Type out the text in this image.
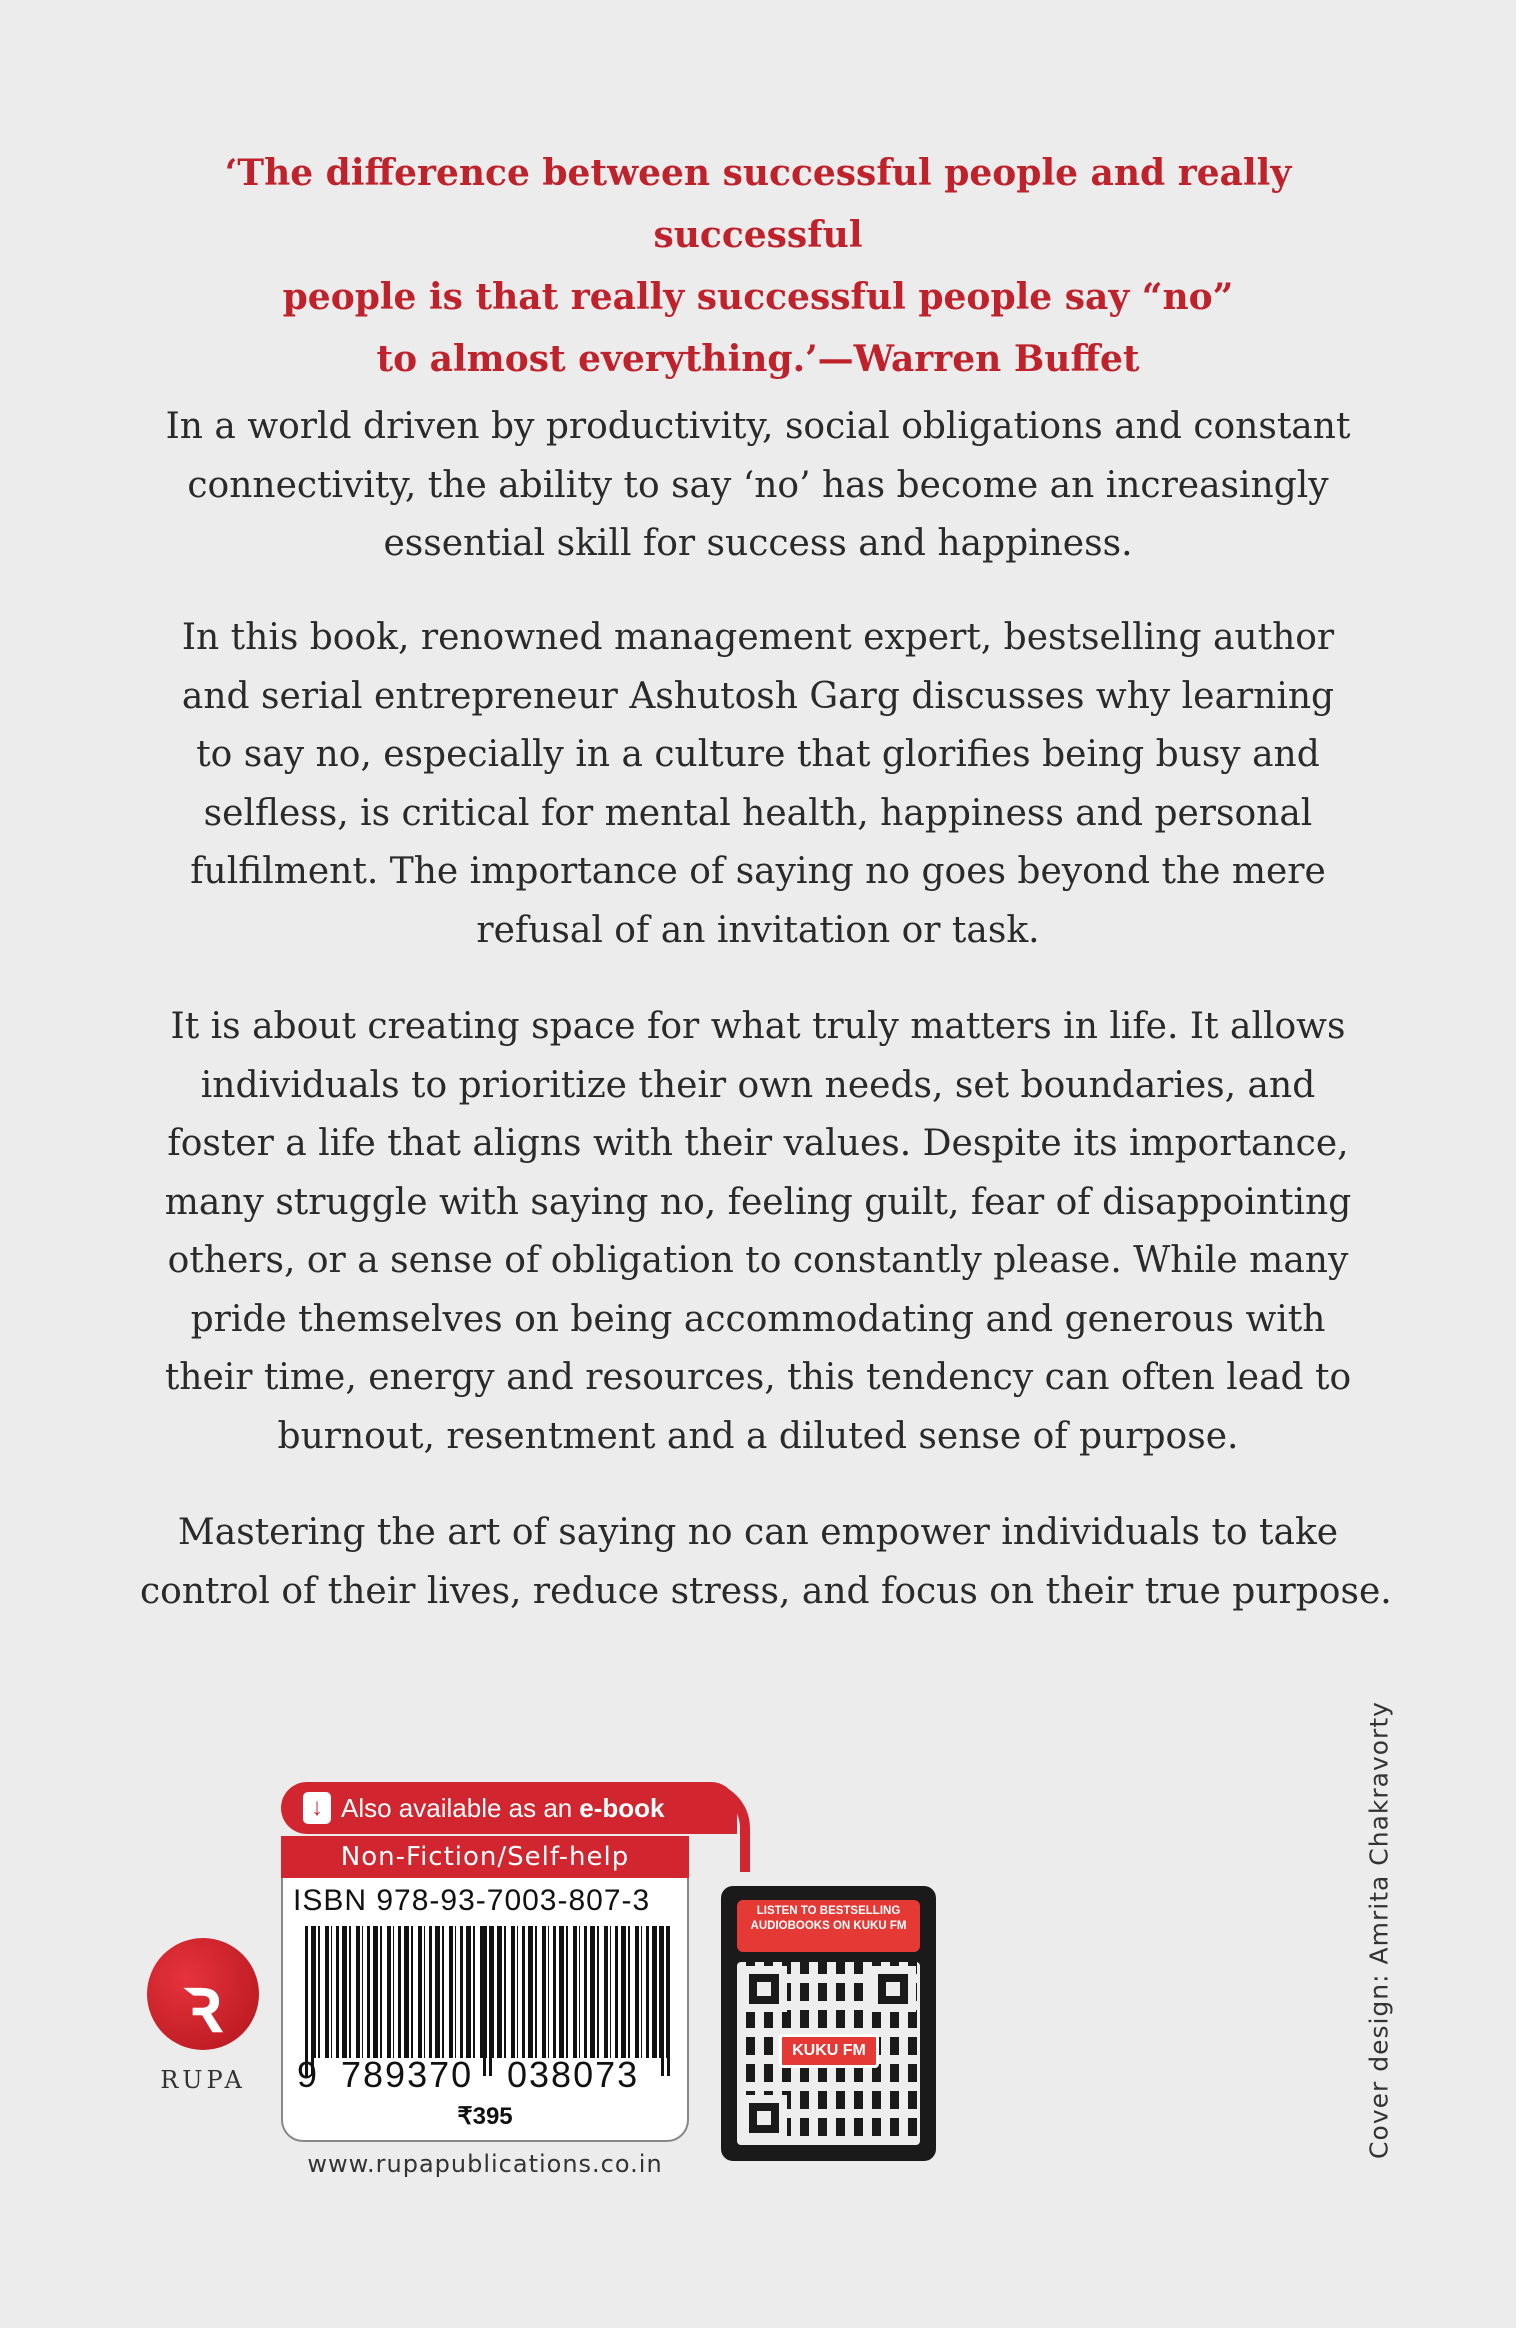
‘The difference between successful people and really successful
people is that really successful people say “no”
to almost everything.’—Warren Buffet
In a world driven by productivity, social obligations and constant
connectivity, the ability to say ‘no’ has become an increasingly
essential skill for success and happiness.
In this book, renowned management expert, bestselling author
and serial entrepreneur Ashutosh Garg discusses why learning
to say no, especially in a culture that glorifies being busy and
selfless, is critical for mental health, happiness and personal
fulfilment. The importance of saying no goes beyond the mere
refusal of an invitation or task.
It is about creating space for what truly matters in life. It allows
individuals to prioritize their own needs, set boundaries, and
foster a life that aligns with their values. Despite its importance,
many struggle with saying no, feeling guilt, fear of disappointing
others, or a sense of obligation to constantly please. While many
pride themselves on being accommodating and generous with
their time, energy and resources, this tendency can often lead to
burnout, resentment and a diluted sense of purpose.
Mastering the art of saying no can empower individuals to take
control of their lives, reduce stress, and focus on their true purpose.
Cover design: Amrita Chakravorty
ꝛ
RUPA
↓ Also available as an e-book
Non-Fiction/Self-help
ISBN 978-93-7003-807-3
9 789370 038073
₹395
www.rupapublications.co.in
LISTEN TO BESTSELLING AUDIOBOOKS ON KUKU FM
KUKU FM
